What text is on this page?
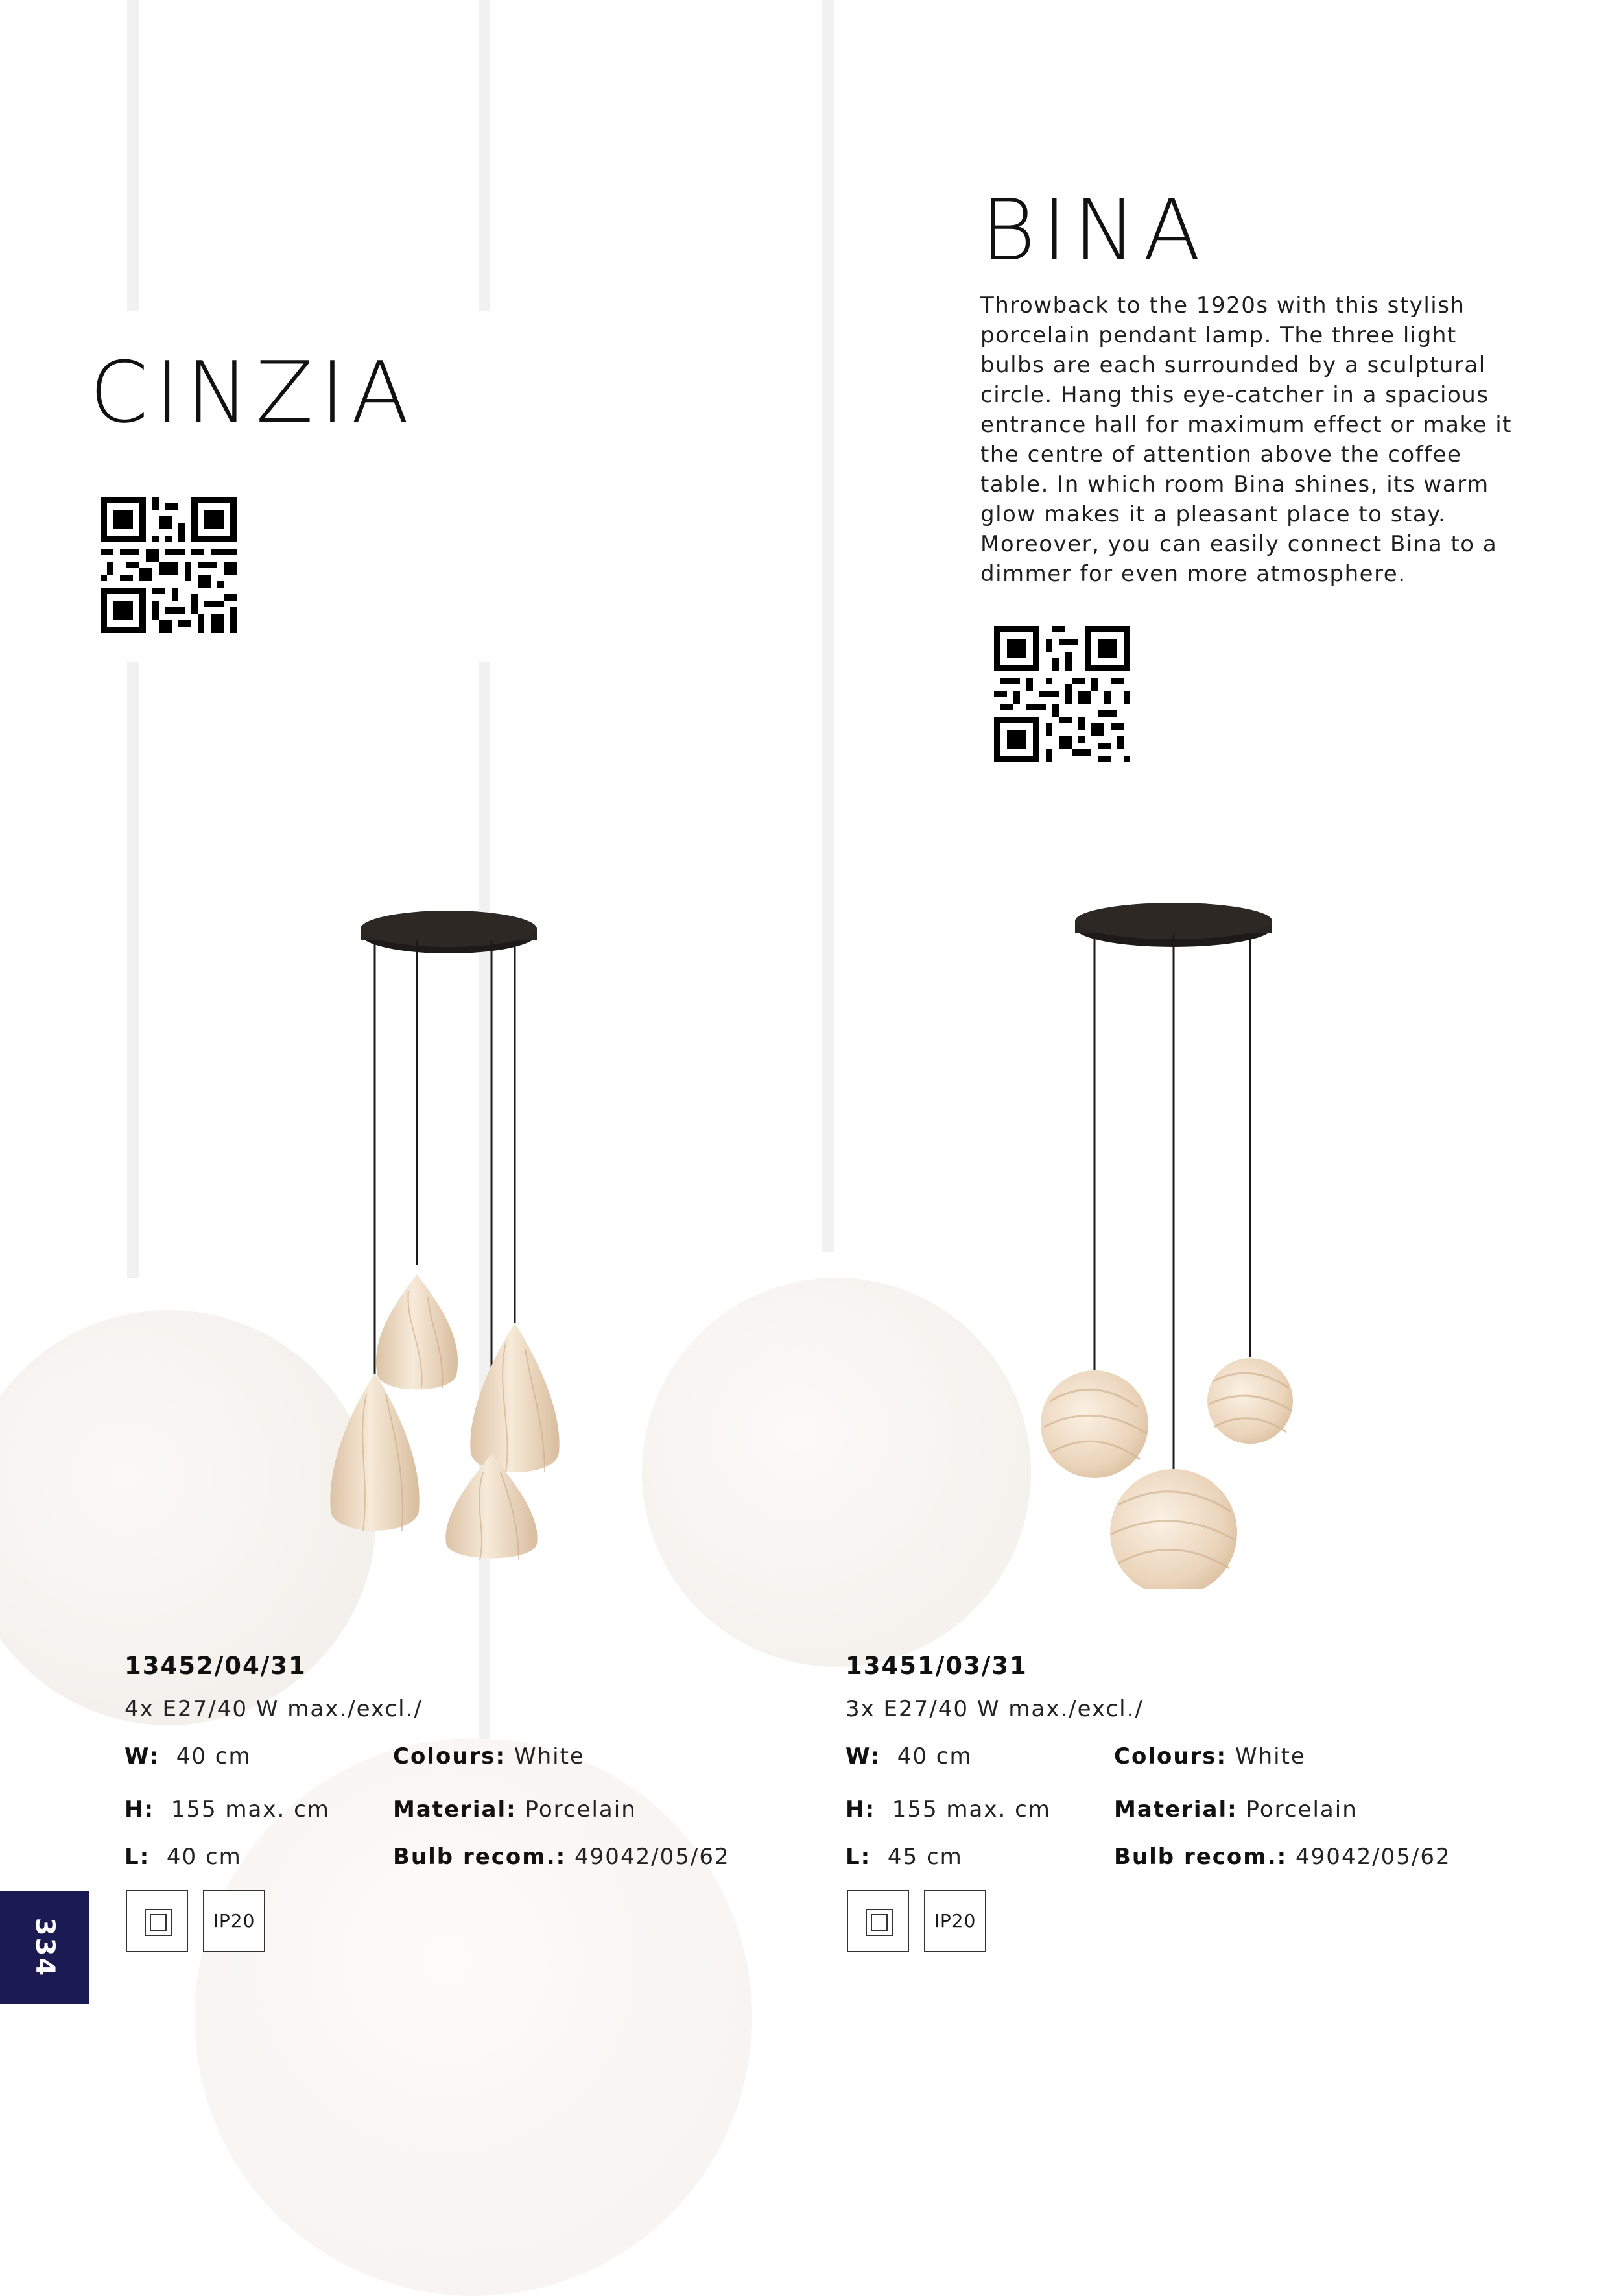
CINZIA
BINA
Throwback to the 1920s with this stylish porcelain pendant lamp. The three light bulbs are each surrounded by a sculptural circle. Hang this eye-catcher in a spacious entrance hall for maximum effect or make it the centre of attention above the coffee table. In which room Bina shines, its warm glow makes it a pleasant place to stay. Moreover, you can easily connect Bina to a dimmer for even more atmosphere.
13452/04/31
4x E27/40 W max./excl./
W: 40 cm
H: 155 max. cm
L: 40 cm
Colours: White
Material: Porcelain
Bulb recom.: 49042/05/62
IP20
13451/03/31
3x E27/40 W max./excl./
W: 40 cm
H: 155 max. cm
L: 45 cm
Colours: White
Material: Porcelain
Bulb recom.: 49042/05/62
IP20
334
